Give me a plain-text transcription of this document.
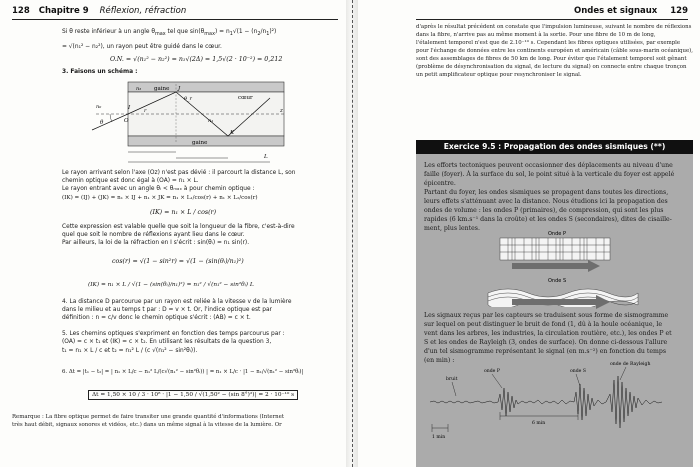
128 Chapitre 9 Réflexion, réfraction
Si θ reste inférieur à un angle $\theta_{max}$ tel que $\sin(\theta_{max}) = n_1√(1 - (n_2/n_1)^2)$
= √(n₁² − n₂²), un rayon peut être guidé dans le cœur.
O.N. = √(n₁² − n₂²) = n₁√(2Δ) = 1,5√(2 · 10⁻²) = 0,212
3. Faisons un schéma :
gaine
cœur
gaine
O
z
I
J
K
L
θ
θ_r
r
n₀
n₁
n₂
Le rayon arrivant selon l'axe (Oz) n'est pas dévié : il parcourt la distance L, son
chemin optique est donc égal à (OA) = n₁ × L.
Le rayon entrant avec un angle θᵢ < θₘₐₓ à pour chemin optique :
(IK) = (IJ) + (JK) = n₁ × IJ + n₁ × JK = n₁ × L₁/cos(r) + n₁ × L₂/cos(r)
(IK) = n₁ × L / cos(r)
Cette expression est valable quelle que soit la longueur de la fibre, c'est-à-dire
quel que soit le nombre de réflexions ayant lieu dans le cœur.
Par ailleurs, la loi de la réfraction en I s'écrit : sin(θᵢ) = n₁ sin(r).
cos(r) = √(1 − sin²r) = √(1 − (sin(θᵢ)/n₁)²)
(IK) = n₁ × L / √(1 − (sin(θᵢ)/n₁)²) = n₁² / √(n₁² − sin²θᵢ) L
4. La distance D parcourue par un rayon est reliée à la vitesse v de la lumière
dans le milieu et au temps t par : D = v × t. Or, l'indice optique est par
définition : n = c/v donc le chemin optique s'écrit : (AB) = c × t.
5. Les chemins optiques s'expriment en fonction des temps parcourus par :
(OA) = c × t₁ et (IK) = c × t₂. En utilisant les résultats de la question 3,
t₁ = n₁ × L / c et t₂ = n₁² L / (c √(n₁² − sin²θᵢ)).
6. Δt = |t₁ − t₂| = | n₁ × L/c − n₁² L/(c√(n₁² − sin²θᵢ)) | = n₁ × L/c · |1 − n₁/√(n₁² − sin²θᵢ)|
Δt = 1,50 × 10 / 3 · 10⁸ · |1 − 1,50 / √(1,50² − (sin 8°)²)| = 2 · 10⁻¹⁰ s
Remarque : La fibre optique permet de faire transiter une grande quantité d'informations (Internet
très haut débit, signaux sonores et vidéos, etc.) dans un même signal à la vitesse de la lumière. Or
Ondes et signaux 129
d'après le résultat précédent on constate que l'impulsion lumineuse, suivant le nombre de réflexions
dans la fibre, n'arrive pas au même moment à la sortie. Pour une fibre de 10 m de long,
l'étalement temporel n'est que de 2.10⁻¹⁰ s. Cependant les fibres optiques utilisées, par exemple
pour l'échange de données entre les continents européen et américain (câble sous-marin océanique),
sont des assemblages de fibres de 50 km de long. Pour éviter que l'étalement temporel soit gênant
(problème de désynchronisation du signal, de lecture du signal) on connecte entre chaque tronçon
un petit amplificateur optique pour resynchroniser le signal.
Exercice 9.5 : Propagation des ondes sismiques (**)
Les efforts tectoniques peuvent occasionner des déplacements au niveau d'une
faille (foyer). À la surface du sol, le point situé à la verticale du foyer est appelé
épicentre.
Partant du foyer, les ondes sismiques se propagent dans toutes les directions,
leurs effets s'atténuant avec la distance. Nous étudions ici la propagation des
ondes de volume : les ondes P (primaires), de compression, qui sont les plus
rapides (6 km.s⁻¹ dans la croûte) et les ondes S (secondaires), dites de cisaille-
ment, plus lentes.
Onde P
Onde S
Les signaux reçus par les capteurs se traduisent sous forme de sismogramme
sur lequel on peut distinguer le bruit de fond (1, dû à la houle océanique, le
vent dans les arbres, les industries, la circulation routière, etc.), les ondes P et
S et les ondes de Rayleigh (3, ondes de surface). On donne ci-dessous l'allure
d'un tel sismogramme représentant le signal (en m.s⁻²) en fonction du temps
(en min) :
bruit
onde P	onde S
onde de Rayleigh
1 min
6 min
